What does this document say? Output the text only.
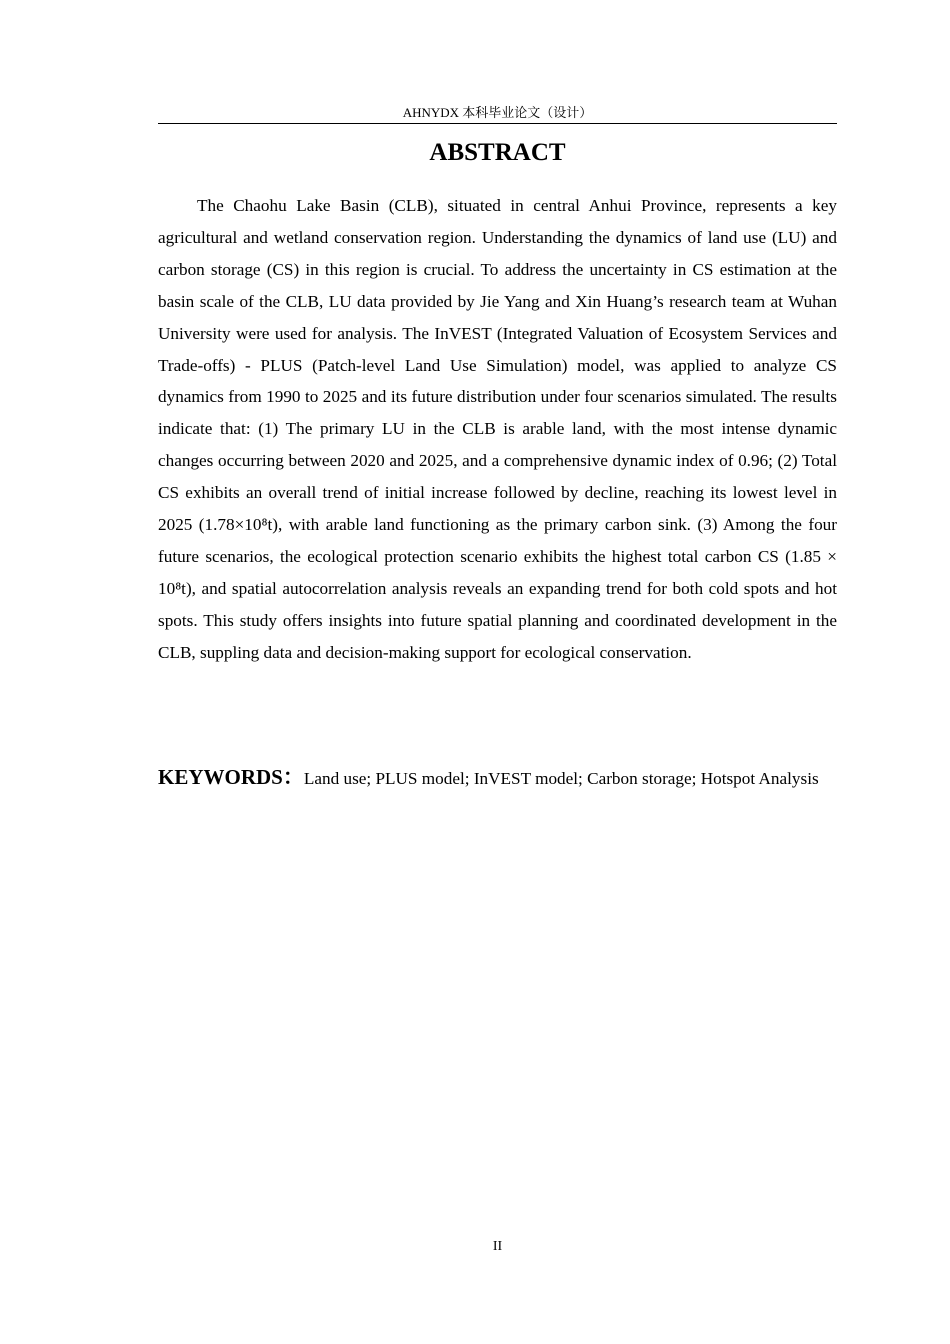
AHNYDX 本科毕业论文（设计）
ABSTRACT

The Chaohu Lake Basin (CLB), situated in central Anhui Province, represents a key agricultural and wetland conservation region. Understanding the dynamics of land use (LU) and carbon storage (CS) in this region is crucial. To address the uncertainty in CS estimation at the basin scale of the CLB, LU data provided by Jie Yang and Xin Huang’s research team at Wuhan University were used for analysis. The InVEST (Integrated Valuation of Ecosystem Services and Trade-offs) - PLUS (Patch-level Land Use Simulation) model, was applied to analyze CS dynamics from 1990 to 2025 and its future distribution under four scenarios simulated. The results indicate that: (1) The primary LU in the CLB is arable land, with the most intense dynamic changes occurring between 2020 and 2025, and a comprehensive dynamic index of 0.96; (2) Total CS exhibits an overall trend of initial increase followed by decline, reaching its lowest level in 2025 (1.78×10⁸t), with arable land functioning as the primary carbon sink. (3) Among the four future scenarios, the ecological protection scenario exhibits the highest total carbon CS (1.85 × 10⁸t), and spatial autocorrelation analysis reveals an expanding trend for both cold spots and hot spots. This study offers insights into future spatial planning and coordinated development in the CLB, suppling data and decision-making support for ecological conservation.

KEYWORDS：Land use; PLUS model; InVEST model; Carbon storage; Hotspot Analysis

II
